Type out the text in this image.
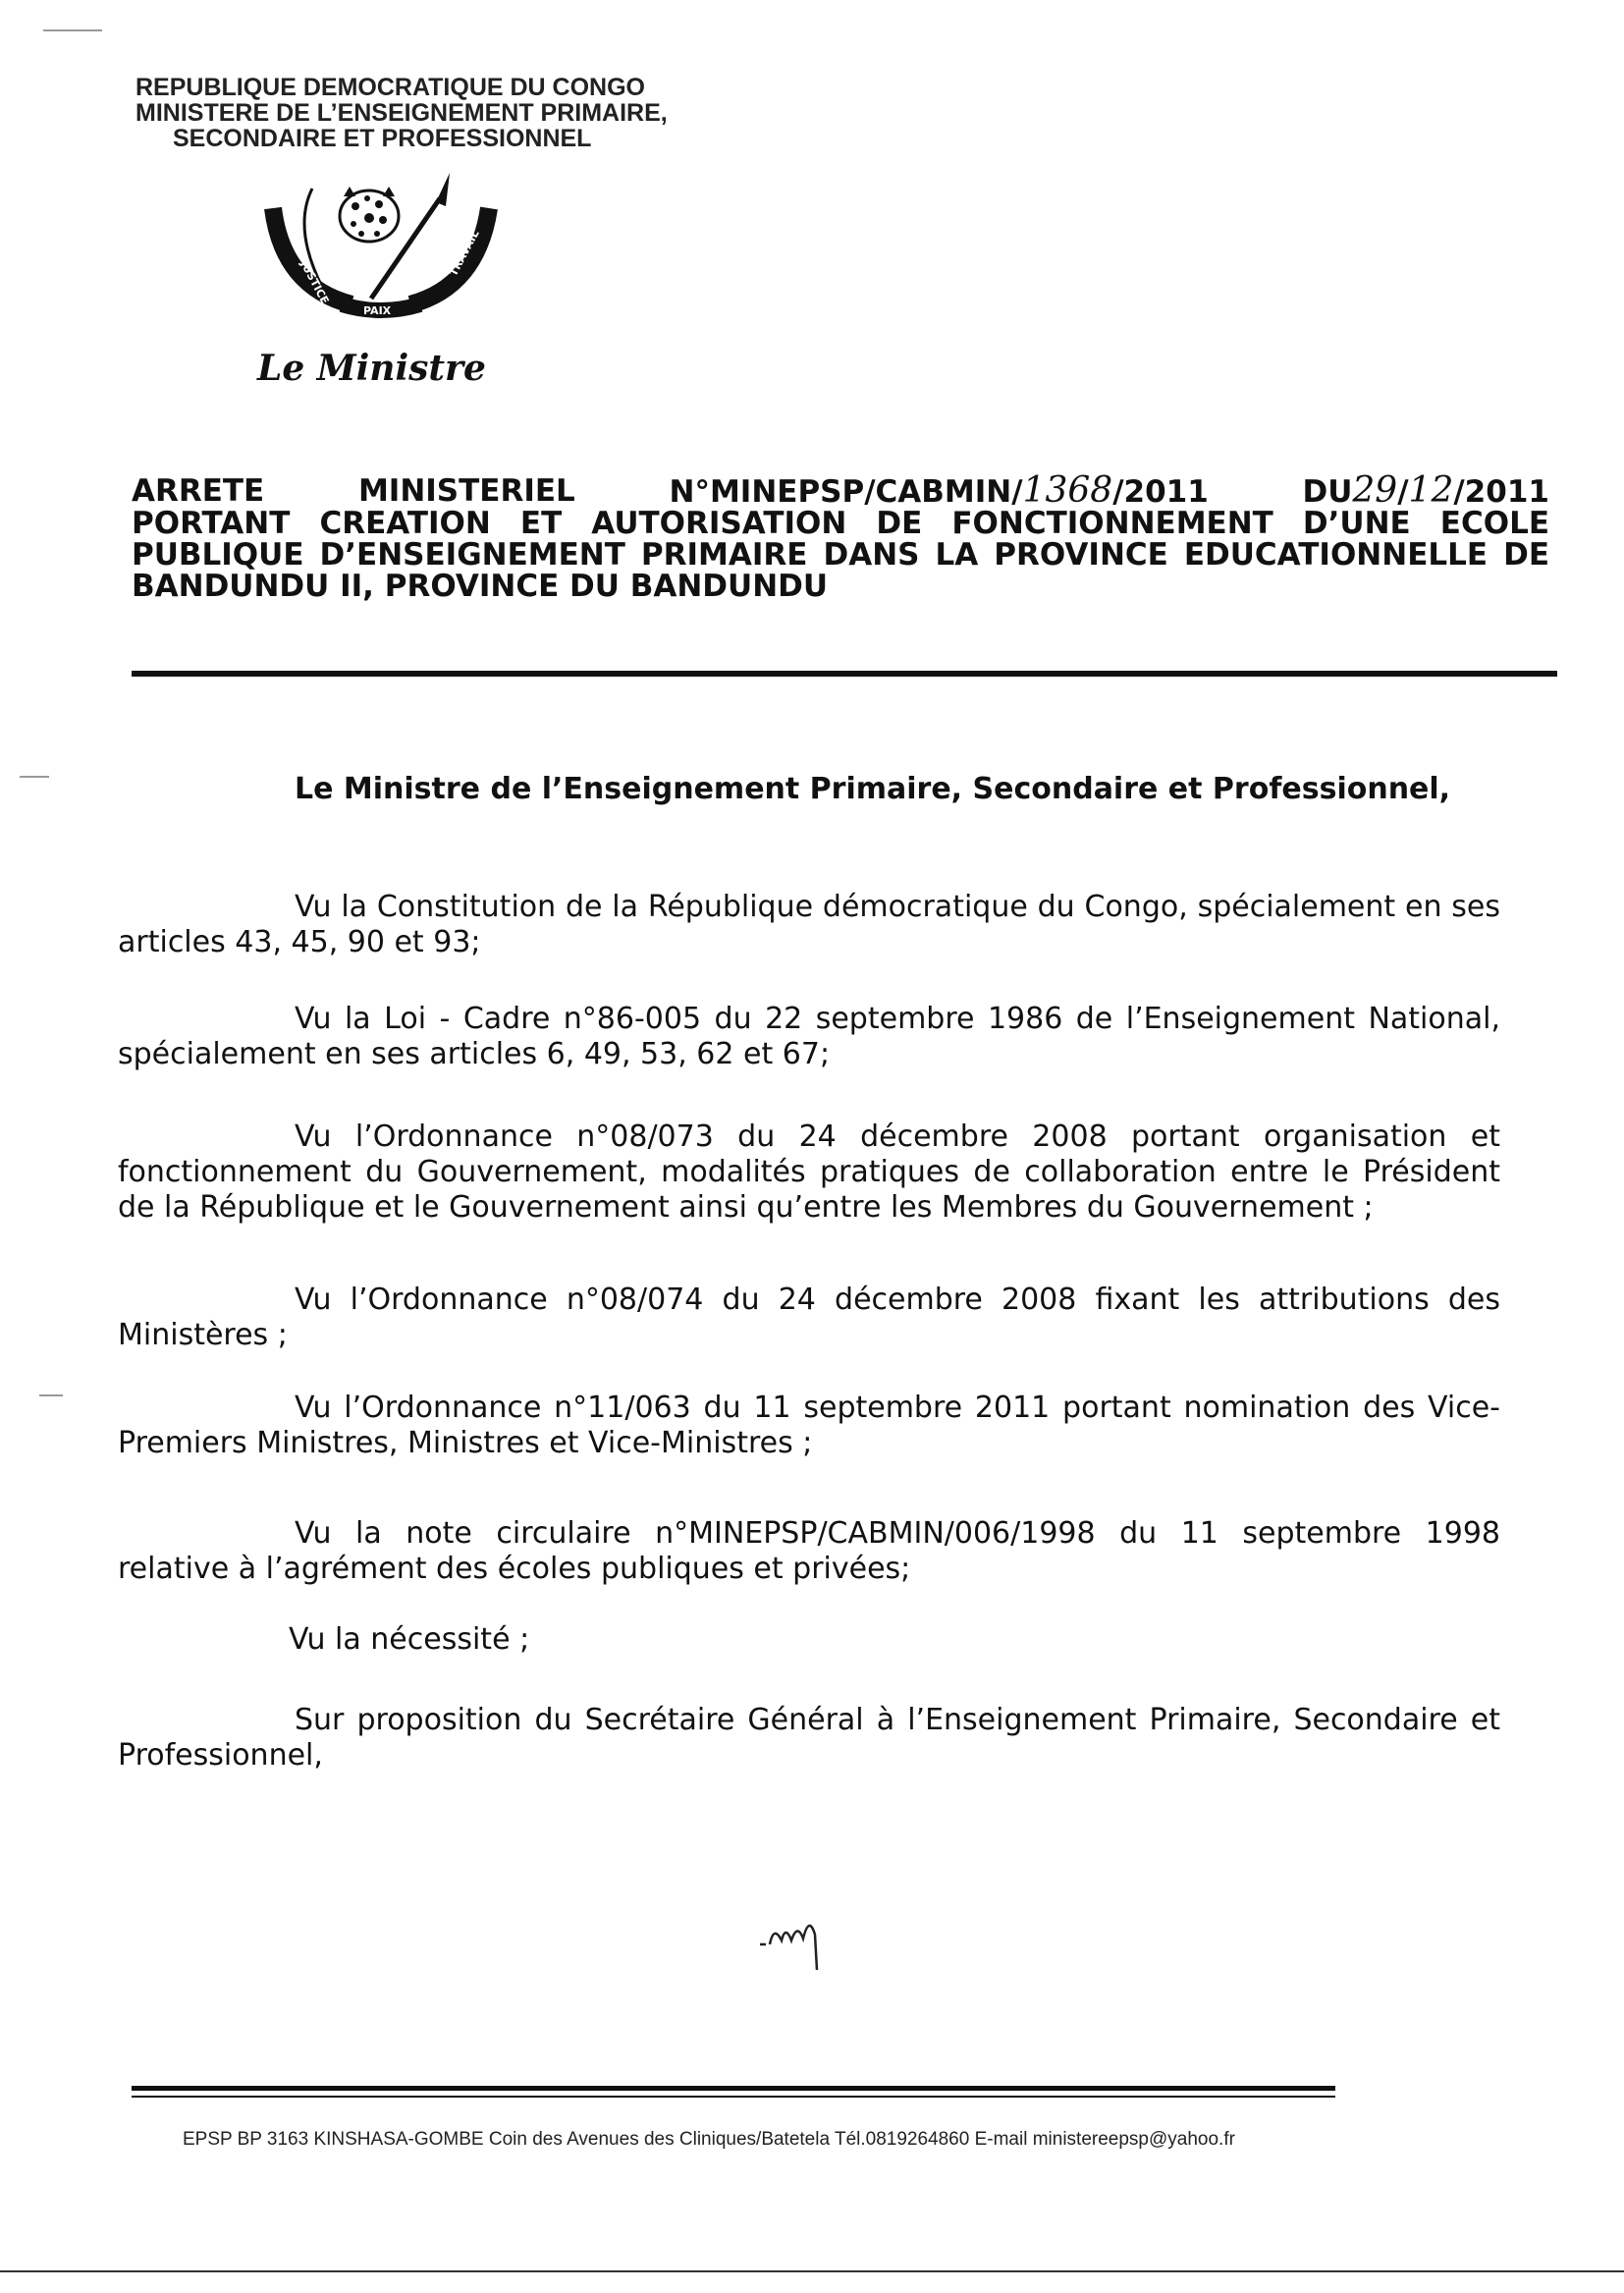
REPUBLIQUE DEMOCRATIQUE DU CONGO
MINISTERE DE L’ENSEIGNEMENT PRIMAIRE,
SECONDAIRE ET PROFESSIONNEL
JUSTICE
PAIX
TRAVAIL
Le Ministre
ARRETE	MINISTERIEL	N°MINEPSP/CABMIN/1368/2011	DU29/12/2011
PORTANT CREATION ET AUTORISATION DE FONCTIONNEMENT D’UNE ECOLE
PUBLIQUE D’ENSEIGNEMENT PRIMAIRE DANS LA PROVINCE EDUCATIONNELLE DE
BANDUNDU II, PROVINCE DU BANDUNDU
Le Ministre de l’Enseignement Primaire, Secondaire et Professionnel,
Vu la Constitution de la République démocratique du Congo, spécialement en ses articles 43, 45, 90 et 93;
Vu la Loi - Cadre n°86-005 du 22 septembre 1986 de l’Enseignement National, spécialement en ses articles 6, 49, 53, 62 et 67;
Vu l’Ordonnance n°08/073 du 24 décembre 2008 portant organisation et fonctionnement du Gouvernement, modalités pratiques de collaboration entre le Président de la République et le Gouvernement ainsi qu’entre les Membres du Gouvernement ;
Vu l’Ordonnance n°08/074 du 24 décembre 2008 fixant les attributions des Ministères ;
Vu l’Ordonnance n°11/063 du 11 septembre 2011 portant nomination des Vice-Premiers Ministres, Ministres et Vice-Ministres ;
Vu la note circulaire n°MINEPSP/CABMIN/006/1998 du 11 septembre 1998 relative à l’agrément des écoles publiques et privées;
Vu la nécessité ;
Sur proposition du Secrétaire Général à l’Enseignement Primaire, Secondaire et Professionnel,
EPSP BP 3163 KINSHASA-GOMBE Coin des Avenues des Cliniques/Batetela Tél.0819264860 E-mail ministereepsp@yahoo.fr
